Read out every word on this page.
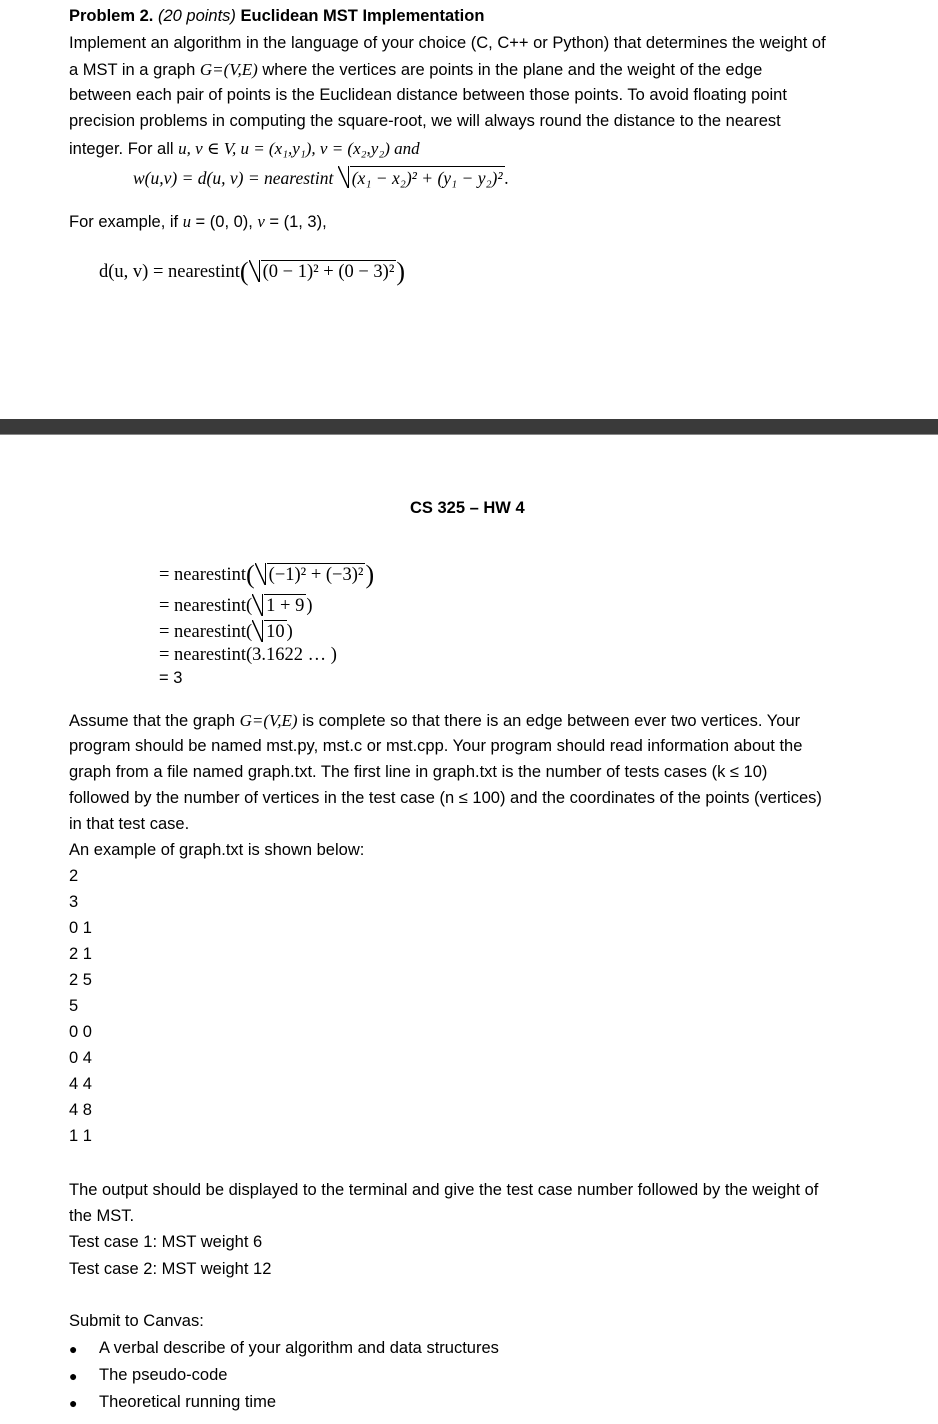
Problem 2. (20 points) Euclidean MST Implementation
Implement an algorithm in the language of your choice (C, C++ or Python) that determines the weight of
a MST in a graph G=(V,E) where the vertices are points in the plane and the weight of the edge
between each pair of points is the Euclidean distance between those points. To avoid floating point
precision problems in computing the square-root, we will always round the distance to the nearest
integer. For all u, v ∈ V, u = (x₁,y₁), v = (x₂,y₂) and
w(u,v) = d(u, v) = nearestint (x₁ − x₂)² + (y₁ − y₂)² .
For example, if u = (0, 0), v = (1, 3),
d(u, v) = nearestint( (0 − 1)² + (0 − 3)²)
CS 325 – HW 4
= nearestint( (−1)² + (−3)²)
= nearestint( 1 + 9 )
= nearestint( 10 )
= nearestint(3.1622 … )
= 3
Assume that the graph G=(V,E) is complete so that there is an edge between ever two vertices. Your
program should be named mst.py, mst.c or mst.cpp. Your program should read information about the
graph from a file named graph.txt. The first line in graph.txt is the number of tests cases (k ≤ 10)
followed by the number of vertices in the test case (n ≤ 100) and the coordinates of the points (vertices)
in that test case.
An example of graph.txt is shown below:
2
3
0 1
2 1
2 5
5
0 0
0 4
4 4
4 8
1 1
The output should be displayed to the terminal and give the test case number followed by the weight of
the MST.
Test case 1: MST weight 6
Test case 2: MST weight 12
Submit to Canvas:
● A verbal describe of your algorithm and data structures
● The pseudo-code
● Theoretical running time
